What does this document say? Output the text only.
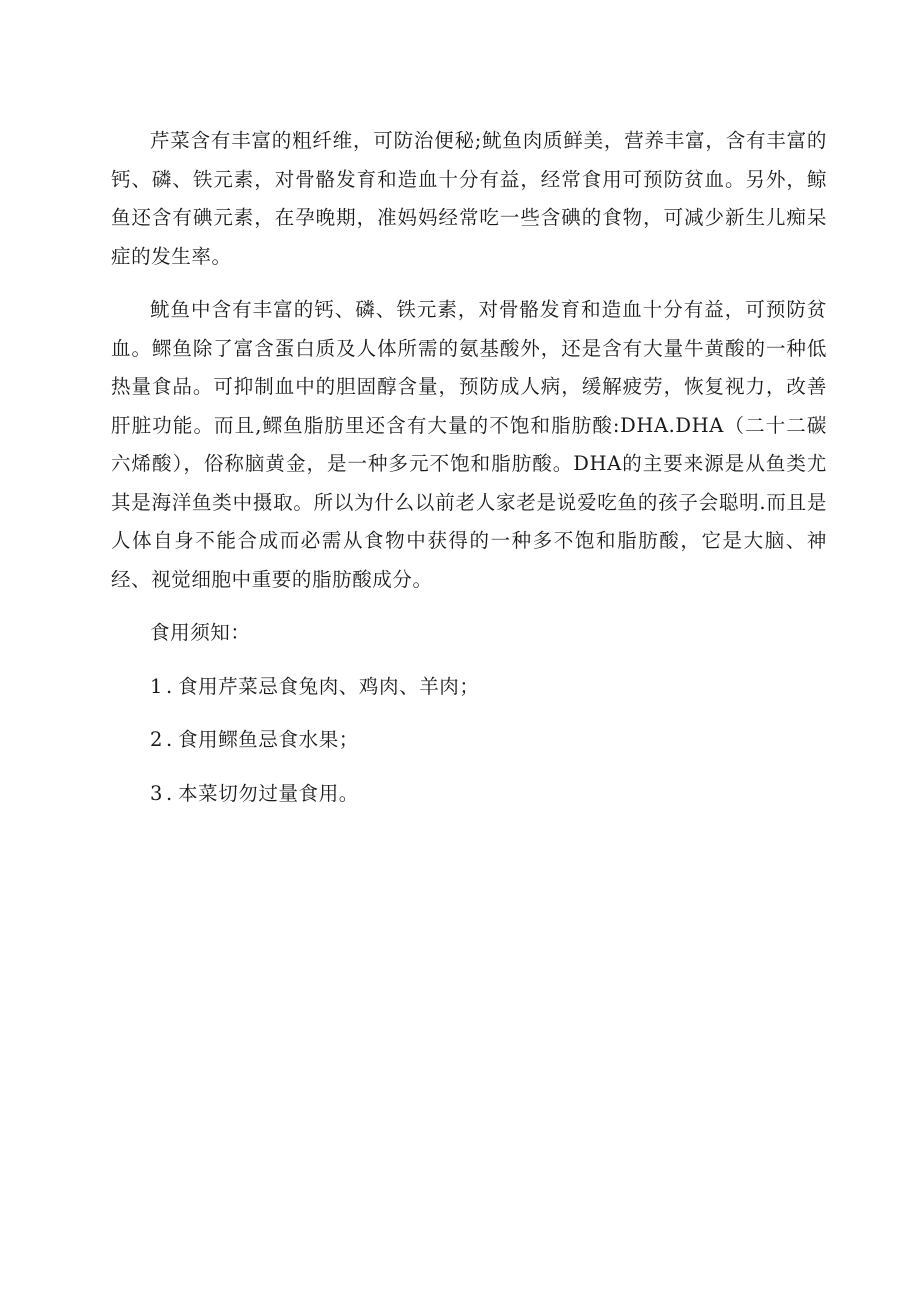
芹菜含有丰富的粗纤维，可防治便秘;鱿鱼肉质鲜美，营养丰富，含有丰富的钙、磷、铁元素，对骨骼发育和造血十分有益，经常食用可预防贫血。另外，鲸鱼还含有碘元素，在孕晚期，准妈妈经常吃一些含碘的食物，可减少新生儿痴呆症的发生率。

鱿鱼中含有丰富的钙、磷、铁元素，对骨骼发育和造血十分有益，可预防贫血。鳏鱼除了富含蛋白质及人体所需的氨基酸外，还是含有大量牛黄酸的一种低热量食品。可抑制血中的胆固醇含量，预防成人病，缓解疲劳，恢复视力，改善肝脏功能。而且,鳏鱼脂肪里还含有大量的不饱和脂肪酸:DHA.DHA（二十二碳六烯酸），俗称脑黄金，是一种多元不饱和脂肪酸。DHA的主要来源是从鱼类尤其是海洋鱼类中摄取。所以为什么以前老人家老是说爱吃鱼的孩子会聪明.而且是人体自身不能合成而必需从食物中获得的一种多不饱和脂肪酸，它是大脑、神经、视觉细胞中重要的脂肪酸成分。

食用须知：

1 . 食用芹菜忌食兔肉、鸡肉、羊肉；
2 . 食用鳏鱼忌食水果；
3 . 本菜切勿过量食用。
